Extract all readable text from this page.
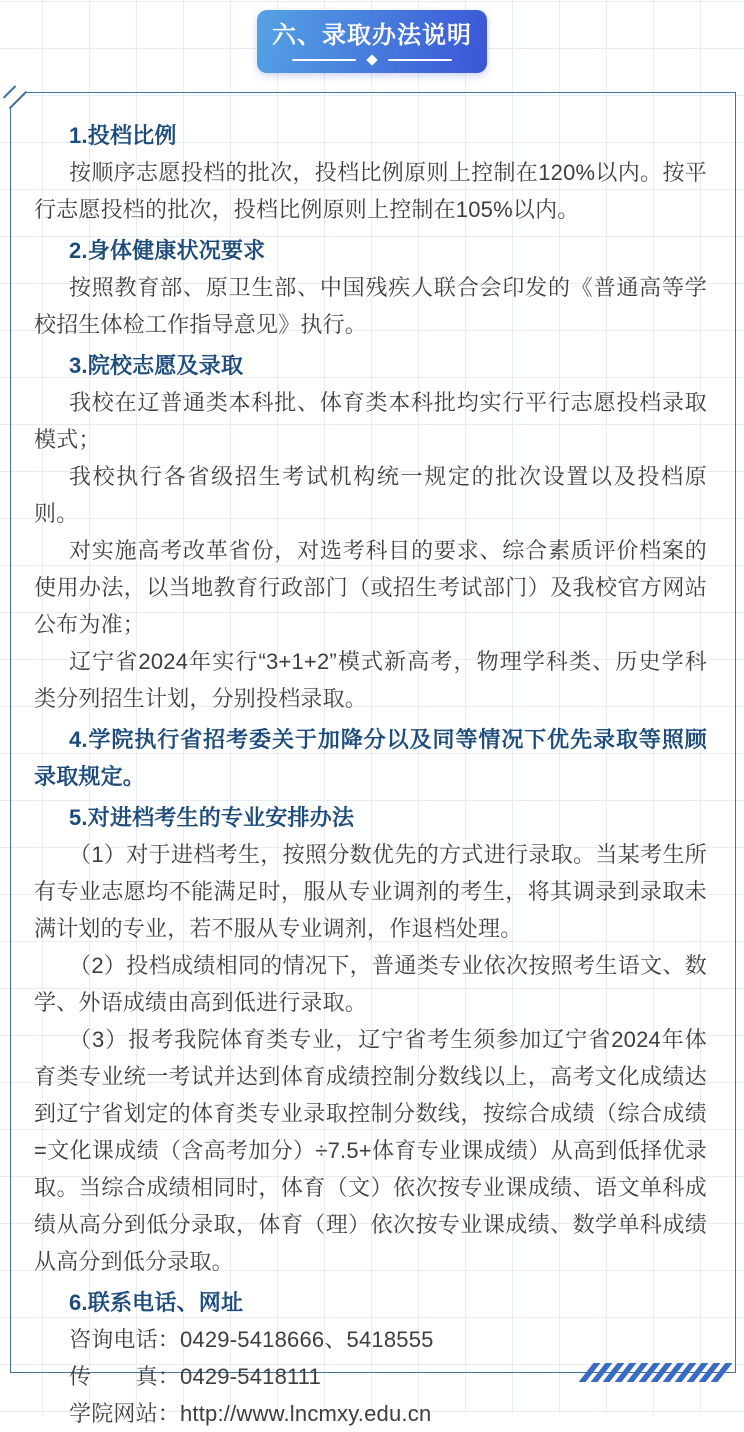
六、录取办法说明

1.投档比例

按顺序志愿投档的批次，投档比例原则上控制在120%以内。按平行志愿投档的批次，投档比例原则上控制在105%以内。

2.身体健康状况要求

按照教育部、原卫生部、中国残疾人联合会印发的《普通高等学校招生体检工作指导意见》执行。

3.院校志愿及录取

我校在辽普通类本科批、体育类本科批均实行平行志愿投档录取模式；

我校执行各省级招生考试机构统一规定的批次设置以及投档原则。

对实施高考改革省份，对选考科目的要求、综合素质评价档案的使用办法，以当地教育行政部门（或招生考试部门）及我校官方网站公布为准；

辽宁省2024年实行“3+1+2”模式新高考，物理学科类、历史学科类分列招生计划，分别投档录取。

4.学院执行省招考委关于加降分以及同等情况下优先录取等照顾录取规定。

5.对进档考生的专业安排办法

（1）对于进档考生，按照分数优先的方式进行录取。当某考生所有专业志愿均不能满足时，服从专业调剂的考生，将其调录到录取未满计划的专业，若不服从专业调剂，作退档处理。

（2）投档成绩相同的情况下，普通类专业依次按照考生语文、数学、外语成绩由高到低进行录取。

（3）报考我院体育类专业，辽宁省考生须参加辽宁省2024年体育类专业统一考试并达到体育成绩控制分数线以上，高考文化成绩达到辽宁省划定的体育类专业录取控制分数线，按综合成绩（综合成绩=文化课成绩（含高考加分）÷7.5+体育专业课成绩）从高到低择优录取。当综合成绩相同时，体育（文）依次按专业课成绩、语文单科成绩从高分到低分录取，体育（理）依次按专业课成绩、数学单科成绩从高分到低分录取。

6.联系电话、网址

咨询电话：0429-5418666、5418555

传　　真：0429-5418111

学院网站：http://www.lncmxy.edu.cn
